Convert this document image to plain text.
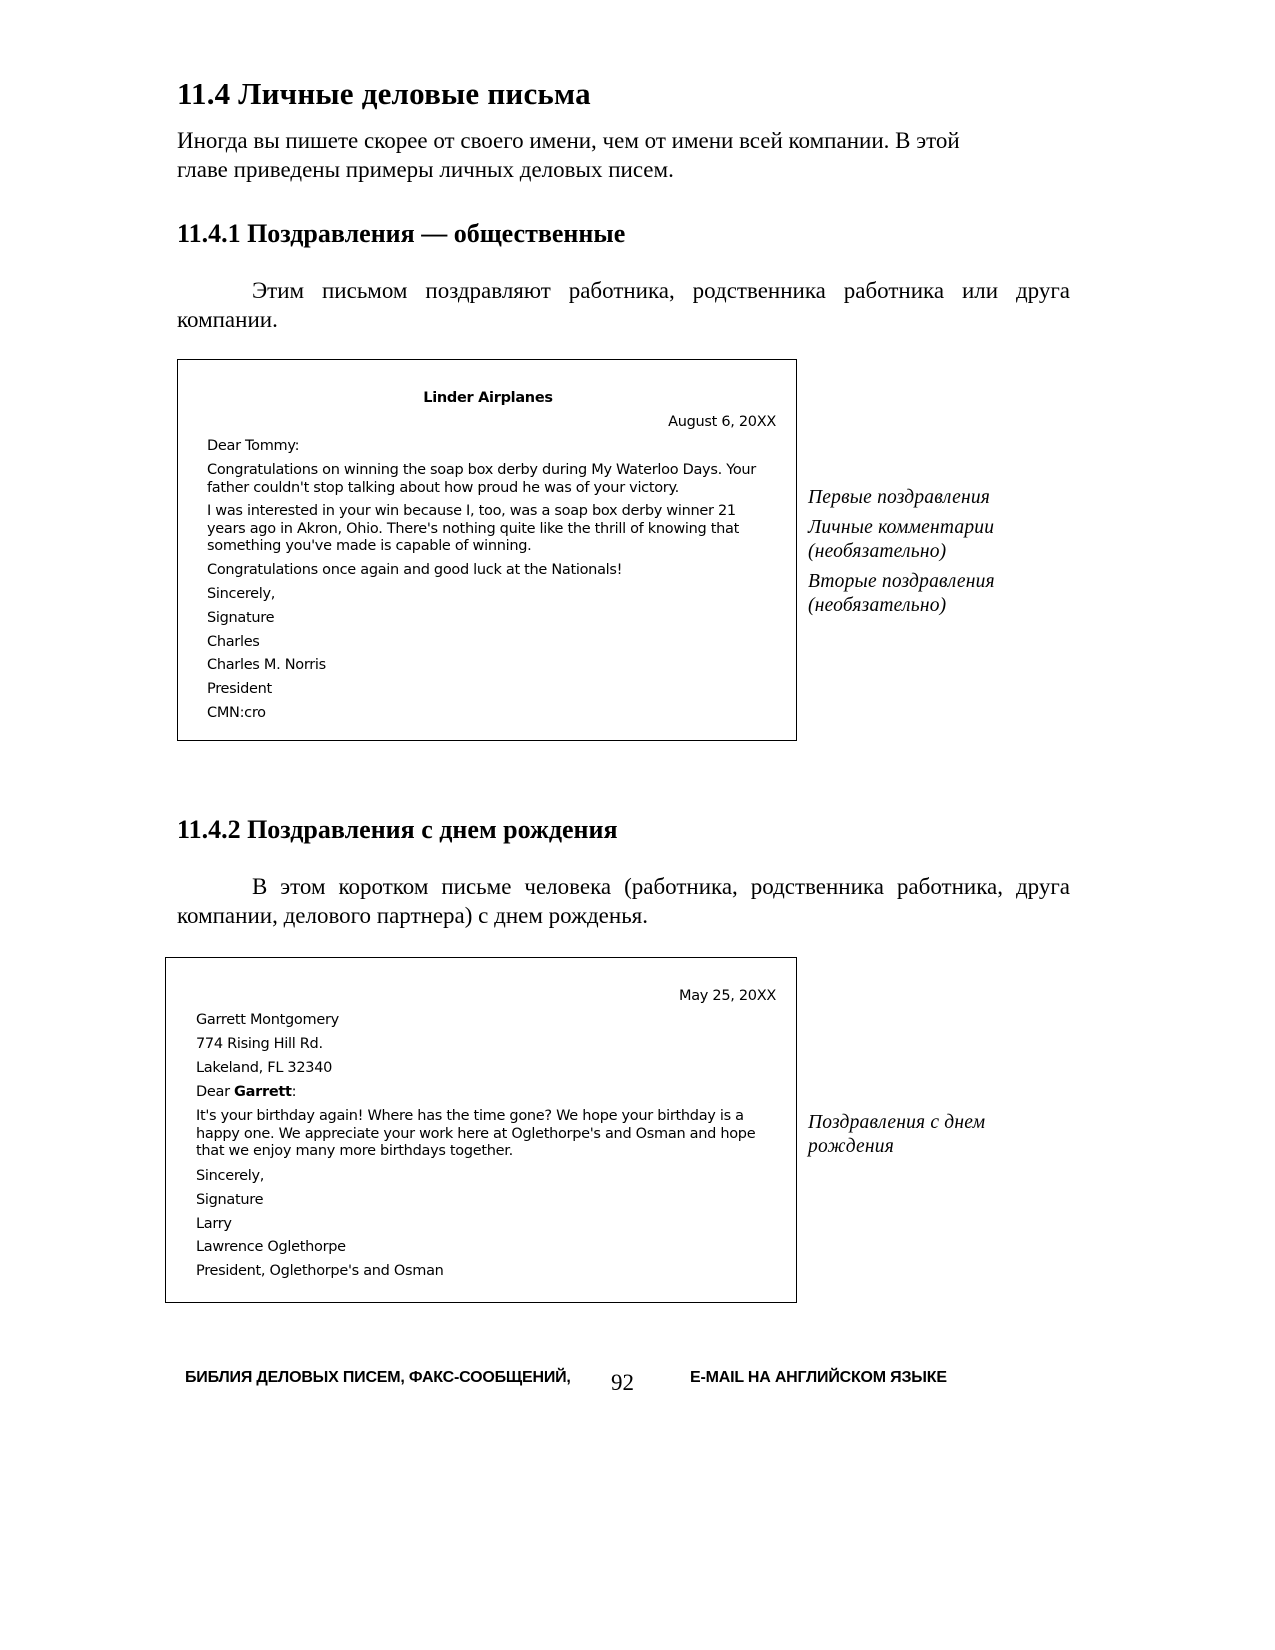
11.4 Личные деловые письма

Иногда вы пишете скорее от своего имени, чем от имени всей компании. В этой

главе приведены примеры личных деловых писем.

11.4.1 Поздравления — общественные

Этим письмом поздравляют работника, родственника работника или друга компании.

Linder Airplanes
August 6, 20XX
Dear Tommy:
Congratulations on winning the soap box derby during My Waterloo Days. Your father couldn't stop talking about how proud he was of your victory.
I was interested in your win because I, too, was a soap box derby winner 21 years ago in Akron, Ohio. There's nothing quite like the thrill of knowing that something you've made is capable of winning.
Congratulations once again and good luck at the Nationals!
Sincerely,
Signature
Charles
Charles M. Norris
President
CMN:cro
Первые поздравления
Личные комментарии
(необязательно)
Вторые поздравления
(необязательно)
11.4.2 Поздравления с днем рождения

В этом коротком письме человека (работника, родственника работника, друга компании, делового партнера) с днем рожденья.

May 25, 20XX
Garrett Montgomery
774 Rising Hill Rd.
Lakeland, FL 32340
Dear Garrett:
It's your birthday again! Where has the time gone? We hope your birthday is a happy one. We appreciate your work here at Oglethorpe's and Osman and hope that we enjoy many more birthdays together.
Sincerely,
Signature
Larry
Lawrence Oglethorpe
President, Oglethorpe's and Osman
Поздравления с днем
рождения
БИБЛИЯ ДЕЛОВЫХ ПИСЕМ, ФАКС-СООБЩЕНИЙ, 92	E-MAIL НА АНГЛИЙСКОМ ЯЗЫКЕ
